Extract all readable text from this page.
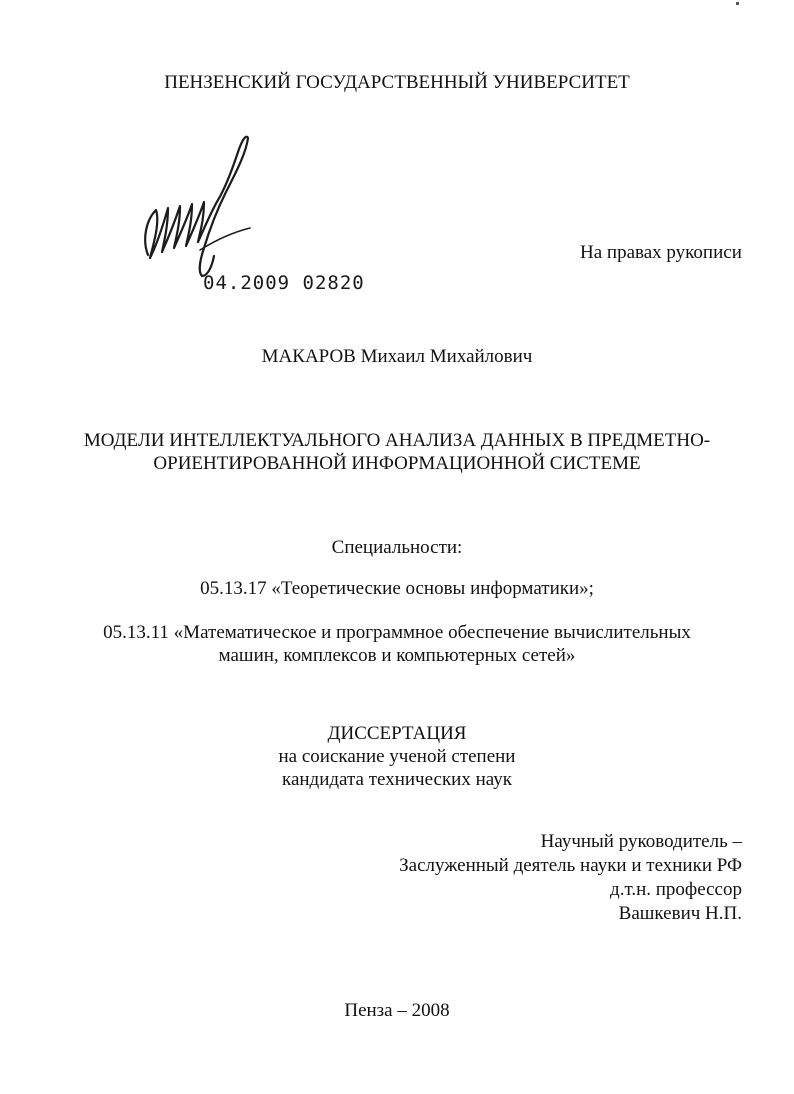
ПЕНЗЕНСКИЙ ГОСУДАРСТВЕННЫЙ УНИВЕРСИТЕТ
04.2009 02820
На правах рукописи
МАКАРОВ Михаил Михайлович
МОДЕЛИ ИНТЕЛЛЕКТУАЛЬНОГО АНАЛИЗА ДАННЫХ В ПРЕДМЕТНО-
ОРИЕНТИРОВАННОЙ ИНФОРМАЦИОННОЙ СИСТЕМЕ
Специальности:
05.13.17 «Теоретические основы информатики»;
05.13.11 «Математическое и программное обеспечение вычислительных
машин, комплексов и компьютерных сетей»
ДИССЕРТАЦИЯ
на соискание ученой степени
кандидата технических наук
Научный руководитель –
Заслуженный деятель науки и техники РФ
д.т.н. профессор
Вашкевич Н.П.
Пенза – 2008
